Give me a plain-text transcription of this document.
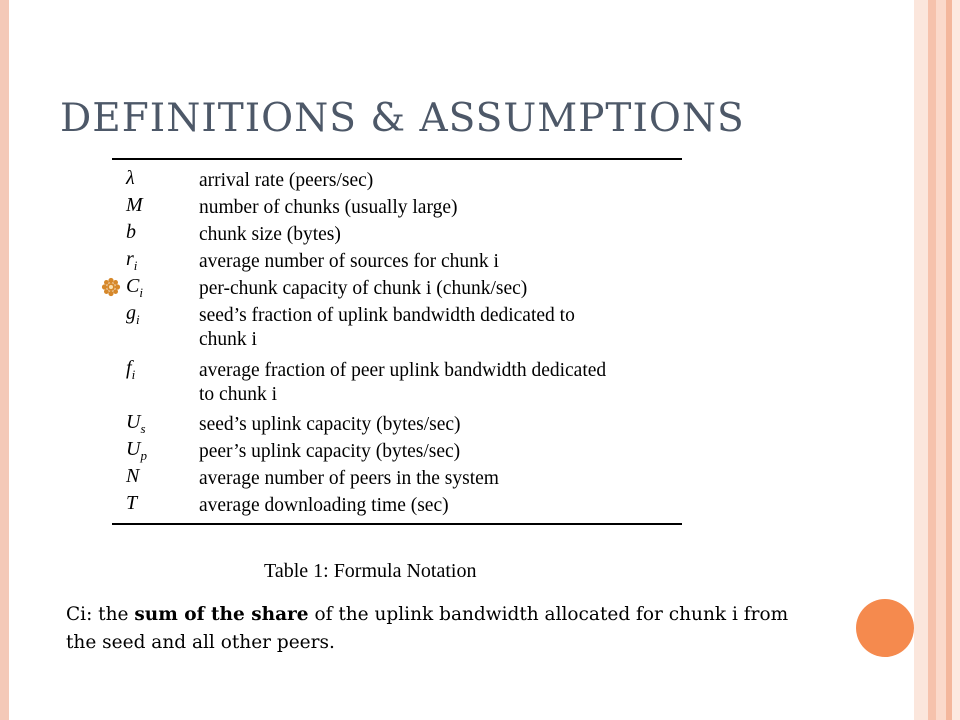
DEFINITIONS & ASSUMPTIONS
λ	arrival rate (peers/sec)
M	number of chunks (usually large)
b	chunk size (bytes)
$r_i$	average number of sources for chunk i
$C_i$	per-chunk capacity of chunk i (chunk/sec)
$g_i$	seed’s fraction of uplink bandwidth dedicated to
chunk i
$f_i$	average fraction of peer uplink bandwidth dedicated
to chunk i
$U_s$	seed’s uplink capacity (bytes/sec)
$U_p$	peer’s uplink capacity (bytes/sec)
N	average number of peers in the system
T	average downloading time (sec)
Table 1: Formula Notation
Ci: the sum of the share of the uplink bandwidth allocated for chunk i from the seed and all other peers.
